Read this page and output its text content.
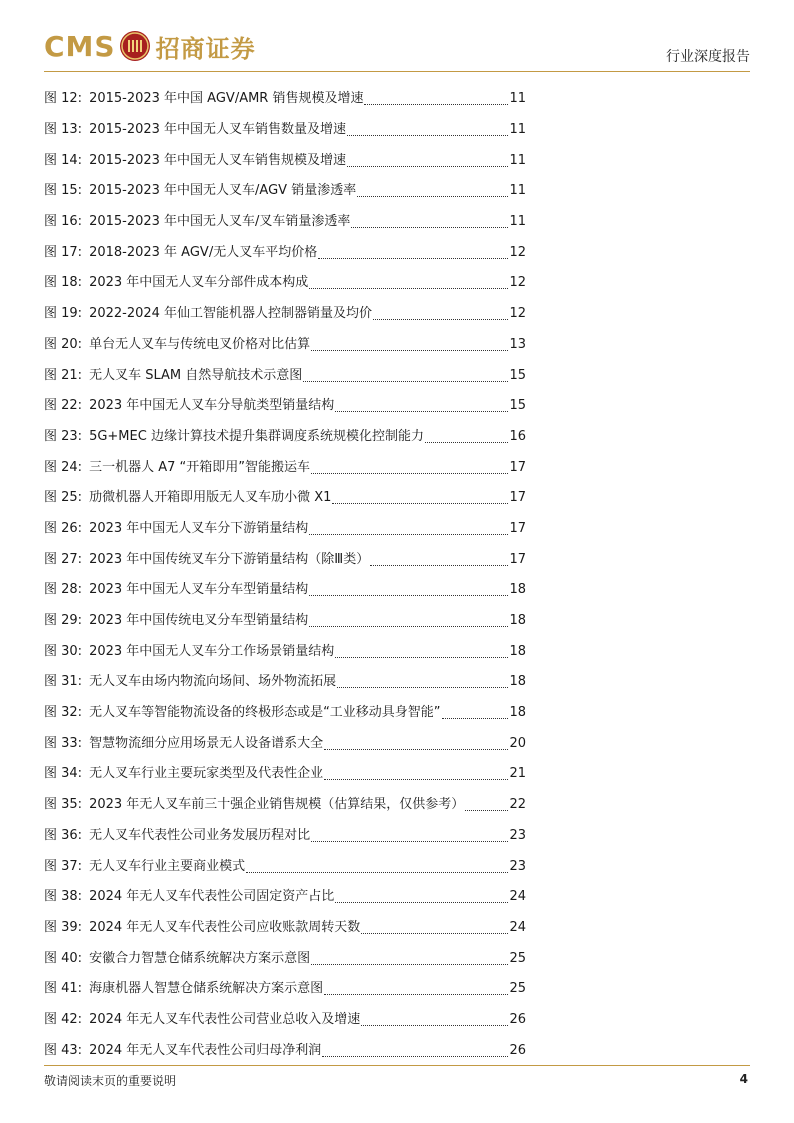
CMS 招商证券	行业深度报告
图 12: 2015-2023 年中国 AGV/AMR 销售规模及增速	11
图 13: 2015-2023 年中国无人叉车销售数量及增速	11
图 14: 2015-2023 年中国无人叉车销售规模及增速	11
图 15: 2015-2023 年中国无人叉车/AGV 销量渗透率	11
图 16: 2015-2023 年中国无人叉车/叉车销量渗透率	11
图 17: 2018-2023 年 AGV/无人叉车平均价格	12
图 18: 2023 年中国无人叉车分部件成本构成	12
图 19: 2022-2024 年仙工智能机器人控制器销量及均价	12
图 20: 单台无人叉车与传统电叉价格对比估算	13
图 21: 无人叉车 SLAM 自然导航技术示意图	15
图 22: 2023 年中国无人叉车分导航类型销量结构	15
图 23: 5G+MEC 边缘计算技术提升集群调度系统规模化控制能力	16
图 24: 三一机器人 A7 “开箱即用”智能搬运车	17
图 25: 劢微机器人开箱即用版无人叉车劢小微 X1	17
图 26: 2023 年中国无人叉车分下游销量结构	17
图 27: 2023 年中国传统叉车分下游销量结构（除Ⅲ类）	17
图 28: 2023 年中国无人叉车分车型销量结构	18
图 29: 2023 年中国传统电叉分车型销量结构	18
图 30: 2023 年中国无人叉车分工作场景销量结构	18
图 31: 无人叉车由场内物流向场间、场外物流拓展	18
图 32: 无人叉车等智能物流设备的终极形态或是“工业移动具身智能”	18
图 33: 智慧物流细分应用场景无人设备谱系大全	20
图 34: 无人叉车行业主要玩家类型及代表性企业	21
图 35: 2023 年无人叉车前三十强企业销售规模（估算结果，仅供参考）	22
图 36: 无人叉车代表性公司业务发展历程对比	23
图 37: 无人叉车行业主要商业模式	23
图 38: 2024 年无人叉车代表性公司固定资产占比	24
图 39: 2024 年无人叉车代表性公司应收账款周转天数	24
图 40: 安徽合力智慧仓储系统解决方案示意图	25
图 41: 海康机器人智慧仓储系统解决方案示意图	25
图 42: 2024 年无人叉车代表性公司营业总收入及增速	26
图 43: 2024 年无人叉车代表性公司归母净利润	26
敬请阅读末页的重要说明	4
